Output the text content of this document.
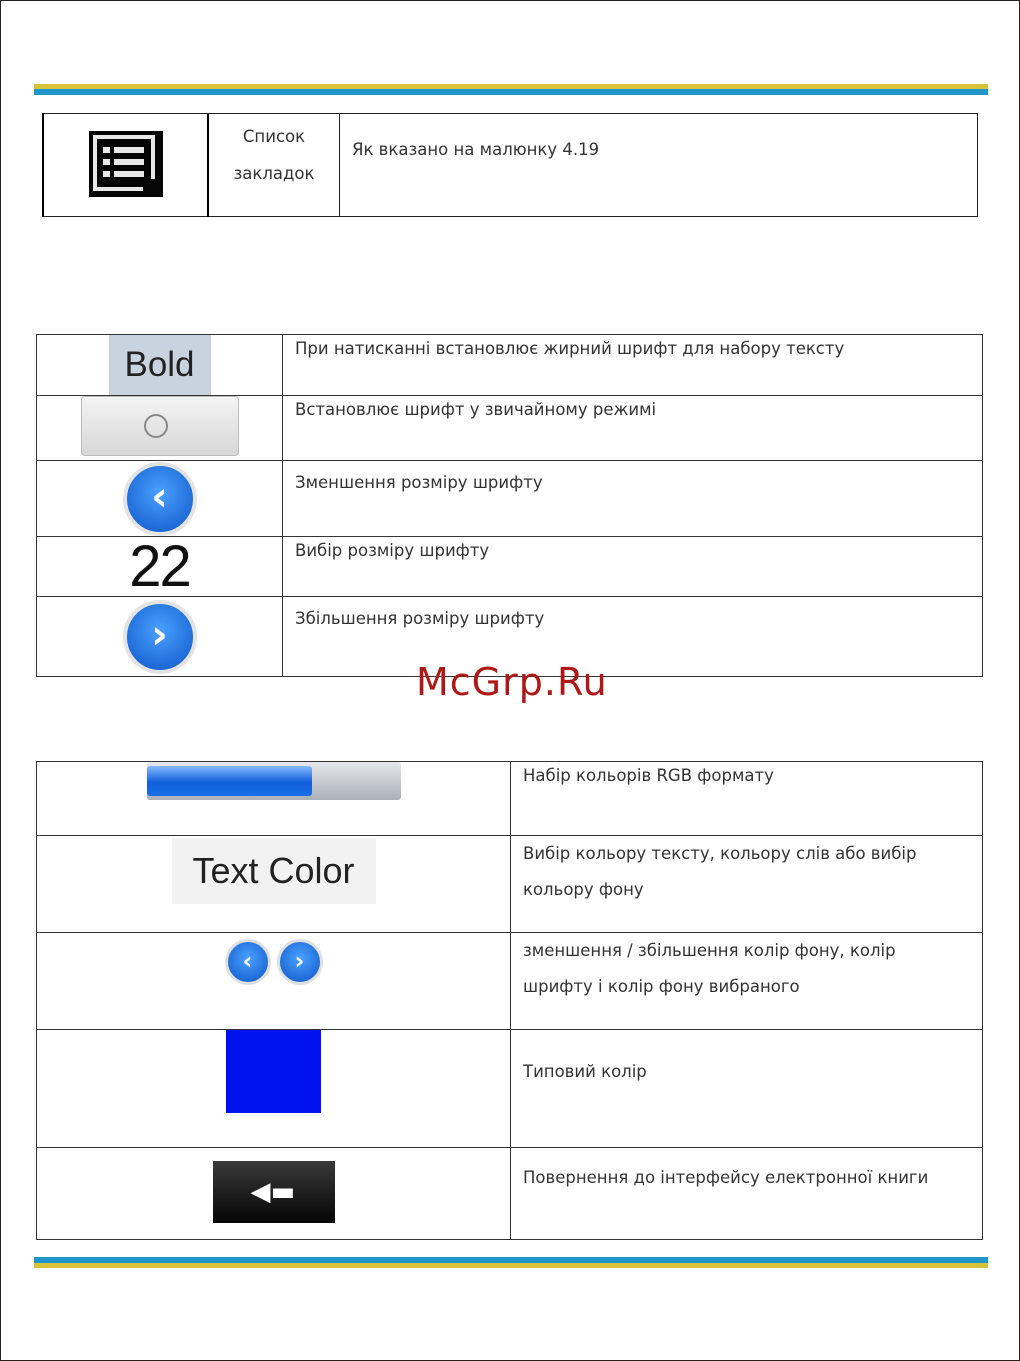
	Список закладок	Як вказано на малюнку 4.19
Bold	При натисканні встановлює жирний шрифт для набору тексту

	Встановлює шрифт у звичайному режимі
‹	Зменшення розміру шрифту
22	Вибір розміру шрифту
›	Збільшення розміру шрифту
McGrp.Ru
	Набір кольорів RGB формату
Text Color	Вибір кольору тексту, кольору слів або вибір кольору фону
‹ ›	зменшення / збільшення колір фону, колір шрифту і колір фону вибраного
	Типовий колір

◀▬	Повернення до інтерфейсу електронної книги
